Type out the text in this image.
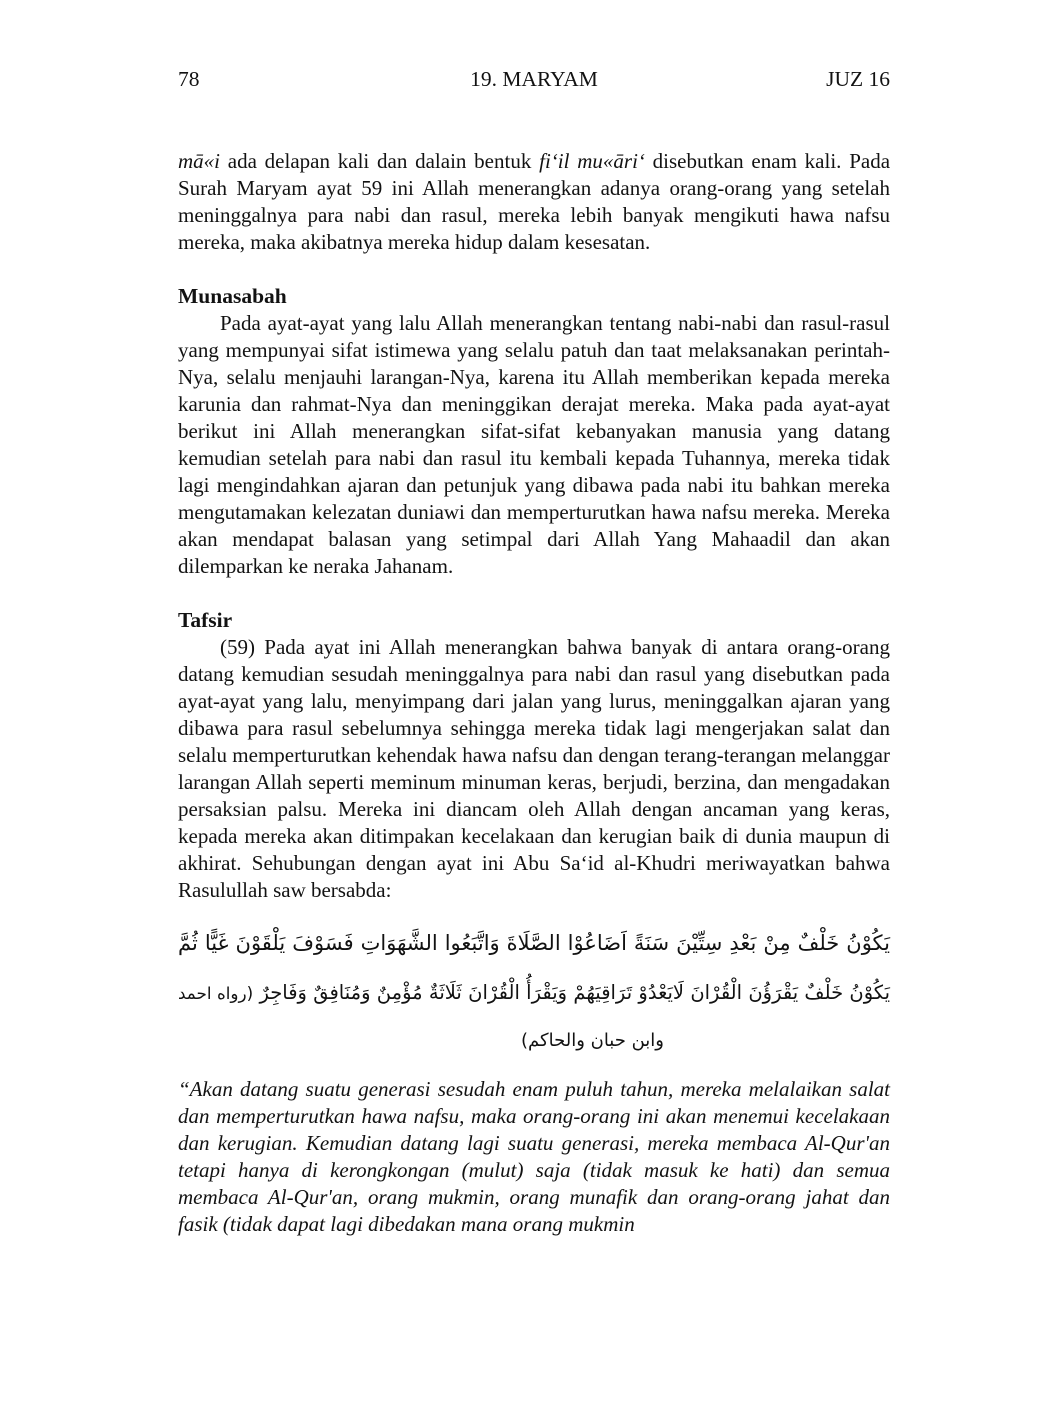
78	19. MARYAM	JUZ 16

mā«i ada delapan kali dan dalain bentuk fi‘il mu«āri‘ disebutkan enam kali. Pada Surah Maryam ayat 59 ini Allah menerangkan adanya orang-orang yang setelah meninggalnya para nabi dan rasul, mereka lebih banyak mengikuti hawa nafsu mereka, maka akibatnya mereka hidup dalam kesesatan.

Munasabah

Pada ayat-ayat yang lalu Allah menerangkan tentang nabi-nabi dan rasul-rasul yang mempunyai sifat istimewa yang selalu patuh dan taat melaksanakan perintah-Nya, selalu menjauhi larangan-Nya, karena itu Allah memberikan kepada mereka karunia dan rahmat-Nya dan meninggikan derajat mereka. Maka pada ayat-ayat berikut ini Allah menerangkan sifat-sifat kebanyakan manusia yang datang kemudian setelah para nabi dan rasul itu kembali kepada Tuhannya, mereka tidak lagi mengindahkan ajaran dan petunjuk yang dibawa pada nabi itu bahkan mereka mengutamakan kelezatan duniawi dan memperturutkan hawa nafsu mereka. Mereka akan mendapat balasan yang setimpal dari Allah Yang Mahaadil dan akan dilemparkan ke neraka Jahanam.

Tafsir

(59) Pada ayat ini Allah menerangkan bahwa banyak di antara orang-orang datang kemudian sesudah meninggalnya para nabi dan rasul yang disebutkan pada ayat-ayat yang lalu, menyimpang dari jalan yang lurus, meninggalkan ajaran yang dibawa para rasul sebelumnya sehingga mereka tidak lagi mengerjakan salat dan selalu memperturutkan kehendak hawa nafsu dan dengan terang-terangan melanggar larangan Allah seperti meminum minuman keras, berjudi, berzina, dan mengadakan persaksian palsu. Mereka ini diancam oleh Allah dengan ancaman yang keras, kepada mereka akan ditimpakan kecelakaan dan kerugian baik di dunia maupun di akhirat. Sehubungan dengan ayat ini Abu Sa‘id al-Khudri meriwayatkan bahwa Rasulullah saw bersabda:

يَكُوْنُ خَلْفٌ مِنْ بَعْدِ سِتِّيْنَ سَنَةً اَضَاعُوْا الصَّلَاةَ وَاتَّبَعُوا الشَّهَوَاتِ فَسَوْفَ يَلْقَوْنَ غَيًّا ثُمَّ
يَكُوْنُ خَلْفٌ يَقْرَؤُنَ الْقُرْانَ لَايَعْدُوْ تَرَاقِيَهُمْ وَيَقْرَأُ الْقُرْانَ ثَلَاثَةٌ مُؤْمِنٌ وَمُنَافِقٌ وَفَاجِرٌ (رواه احمد
وابن حبان والحاكم)

“Akan datang suatu generasi sesudah enam puluh tahun, mereka melalaikan salat dan memperturutkan hawa nafsu, maka orang-orang ini akan menemui kecelakaan dan kerugian. Kemudian datang lagi suatu generasi, mereka membaca Al-Qur'an tetapi hanya di kerongkongan (mulut) saja (tidak masuk ke hati) dan semua membaca Al-Qur'an, orang mukmin, orang munafik dan orang-orang jahat dan fasik (tidak dapat lagi dibedakan mana orang mukmin
